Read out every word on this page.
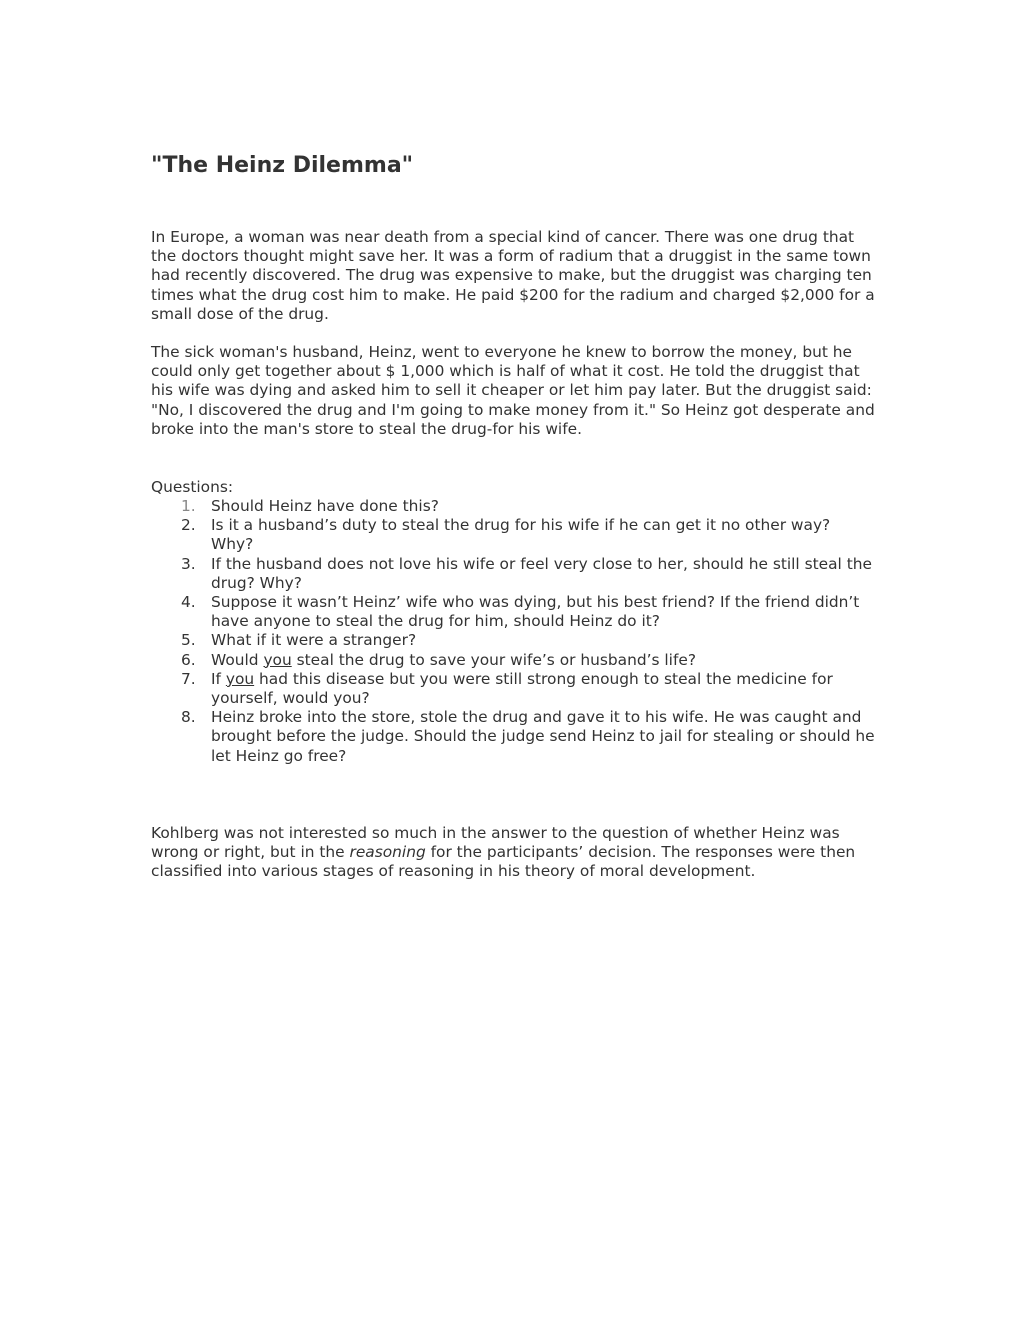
"The Heinz Dilemma"

In Europe, a woman was near death from a special kind of cancer. There was one drug that the doctors thought might save her. It was a form of radium that a druggist in the same town had recently discovered. The drug was expensive to make, but the druggist was charging ten times what the drug cost him to make. He paid $200 for the radium and charged $2,000 for a small dose of the drug.

The sick woman's husband, Heinz, went to everyone he knew to borrow the money, but he could only get together about $ 1,000 which is half of what it cost. He told the druggist that his wife was dying and asked him to sell it cheaper or let him pay later. But the druggist said: "No, I discovered the drug and I'm going to make money from it." So Heinz got desperate and broke into the man's store to steal the drug-for his wife.

Questions:

1. Should Heinz have done this?
2. Is it a husband’s duty to steal the drug for his wife if he can get it no other way? Why?
3. If the husband does not love his wife or feel very close to her, should he still steal the drug? Why?
4. Suppose it wasn’t Heinz’ wife who was dying, but his best friend? If the friend didn’t have anyone to steal the drug for him, should Heinz do it?
5. What if it were a stranger?
6. Would you steal the drug to save your wife’s or husband’s life?
7. If you had this disease but you were still strong enough to steal the medicine for yourself, would you?
8. Heinz broke into the store, stole the drug and gave it to his wife. He was caught and brought before the judge. Should the judge send Heinz to jail for stealing or should he let Heinz go free?

Kohlberg was not interested so much in the answer to the question of whether Heinz was wrong or right, but in the reasoning for the participants’ decision. The responses were then classified into various stages of reasoning in his theory of moral development.
